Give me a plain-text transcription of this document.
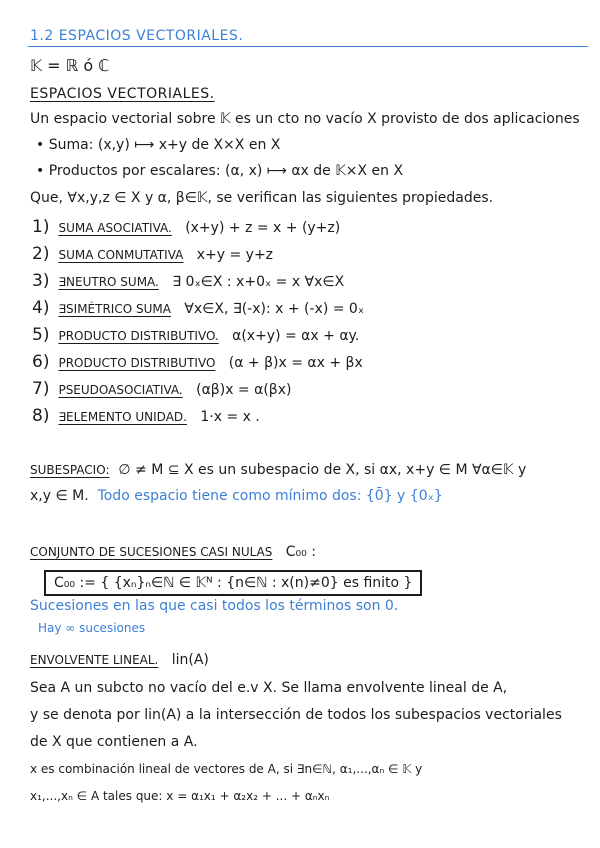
1.2 ESPACIOS VECTORIALES.
𝕂 = ℝ ó ℂ
ESPACIOS VECTORIALES.
Un espacio vectorial sobre 𝕂 es un cto no vacío X provisto de dos aplicaciones
• Suma: (x,y) ⟼ x+y de X×X en X
• Productos por escalares: (α, x) ⟼ αx de 𝕂×X en X
Que, ∀x,y,z ∈ X y α, β∈𝕂, se verifican las siguientes propiedades.
1) SUMA ASOCIATIVA. (x+y) + z = x + (y+z)
2) SUMA CONMUTATIVA x+y = y+z
3) ∃NEUTRO SUMA. ∃ 0ₓ∈X : x+0ₓ = x ∀x∈X
4) ∃SIMÉTRICO SUMA ∀x∈X, ∃(-x): x + (-x) = 0ₓ
5) PRODUCTO DISTRIBUTIVO. α(x+y) = αx + αy.
6) PRODUCTO DISTRIBUTIVO (α + β)x = αx + βx
7) PSEUDOASOCIATIVA. (αβ)x = α(βx)
8) ∃ELEMENTO UNIDAD. 1·x = x .
SUBESPACIO: ∅ ≠ M ⊆ X es un subespacio de X, si αx, x+y ∈ M ∀α∈𝕂 y
x,y ∈ M. Todo espacio tiene como mínimo dos: {0̄} y {0ₓ}
CONJUNTO DE SUCESIONES CASI NULAS C₀₀ :
C₀₀ := { {xₙ}ₙ∈ℕ ∈ 𝕂ᴺ : {n∈ℕ : x(n)≠0} es finito }
Sucesiones en las que casi todos los términos son 0.
Hay ∞ sucesiones
ENVOLVENTE LINEAL. lin(A)
Sea A un subcto no vacío del e.v X. Se llama envolvente lineal de A,
y se denota por lin(A) a la intersección de todos los subespacios vectoriales
de X que contienen a A.
x es combinación lineal de vectores de A, si ∃n∈ℕ, α₁,...,αₙ ∈ 𝕂 y
x₁,...,xₙ ∈ A tales que: x = α₁x₁ + α₂x₂ + ... + αₙxₙ
